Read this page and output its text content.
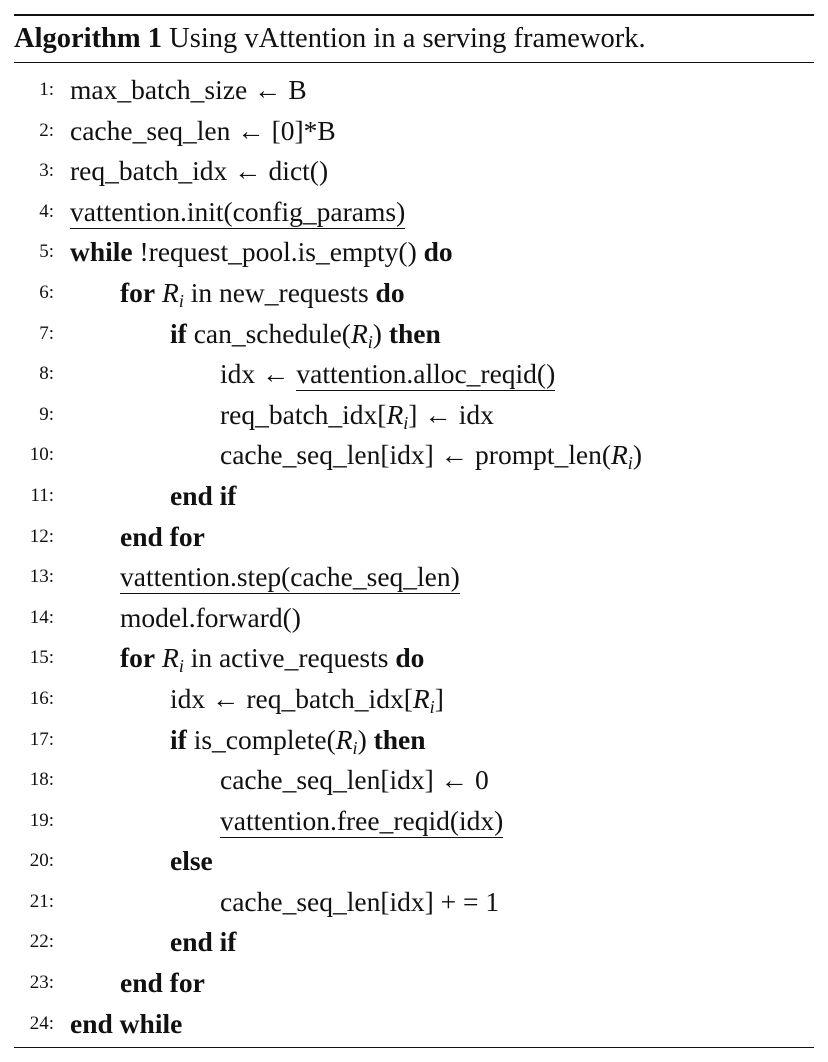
Algorithm 1 Using vAttention in a serving framework.
1: max_batch_size ← B
2: cache_seq_len ← [0]*B
3: req_batch_idx ← dict()
4: vattention.init(config_params)
5: while !request_pool.is_empty() do
6: for $R_i$ in new_requests do
7:	if $can\_schedule(R_i)$ then
8:	idx ← vattention.alloc_reqid()
9:	$req\_batch\_idx[R_i]$ ← idx
10:	cache_seq_len[idx] ← $prompt\_len(R_i)$
11:	end if
12: end for
13: vattention.step(cache_seq_len)
14: model.forward()
15: for $R_i$ in active_requests do
16:	idx ← $req\_batch\_idx[R_i]$
17:	if $is\_complete(R_i)$ then
18:	cache_seq_len[idx] ← 0
19:	vattention.free_reqid(idx)
20:	else
21:	cache_seq_len[idx] + = 1
22:	end if
23: end for
24: end while
